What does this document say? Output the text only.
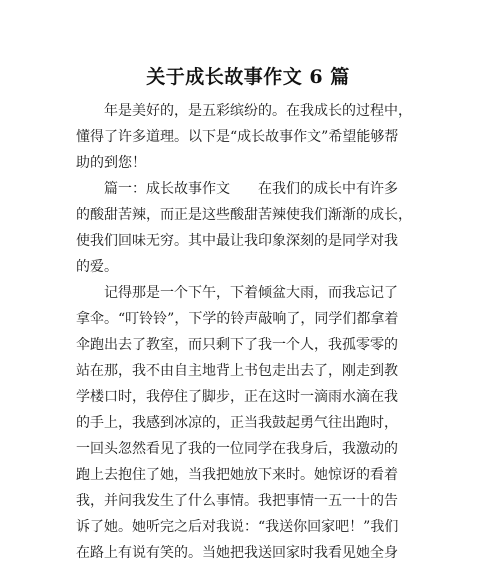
关于成长故事作文 6 篇
　　年是美好的，是五彩缤纷的。在我成长的过程中，
懂得了许多道理。以下是“成长故事作文”希望能够帮
助的到您！
　　篇一：成长故事作文　　在我们的成长中有许多
的酸甜苦辣，而正是这些酸甜苦辣使我们渐渐的成长，
使我们回味无穷。其中最让我印象深刻的是同学对我
的爱。
　　记得那是一个下午，下着倾盆大雨，而我忘记了
拿伞。“叮铃铃”，下学的铃声敲响了，同学们都拿着
伞跑出去了教室，而只剩下了我一个人，我孤零零的
站在那，我不由自主地背上书包走出去了，刚走到教
学楼口时，我停住了脚步，正在这时一滴雨水滴在我
的手上，我感到冰凉的，正当我鼓起勇气往出跑时，
一回头忽然看见了我的一位同学在我身后，我激动的
跑上去抱住了她，当我把她放下来时。她惊讶的看着
我，并问我发生了什么事情。我把事情一五一十的告
诉了她。她听完之后对我说：“我送你回家吧！”我们
在路上有说有笑的。当她把我送回家时我看见她全身
